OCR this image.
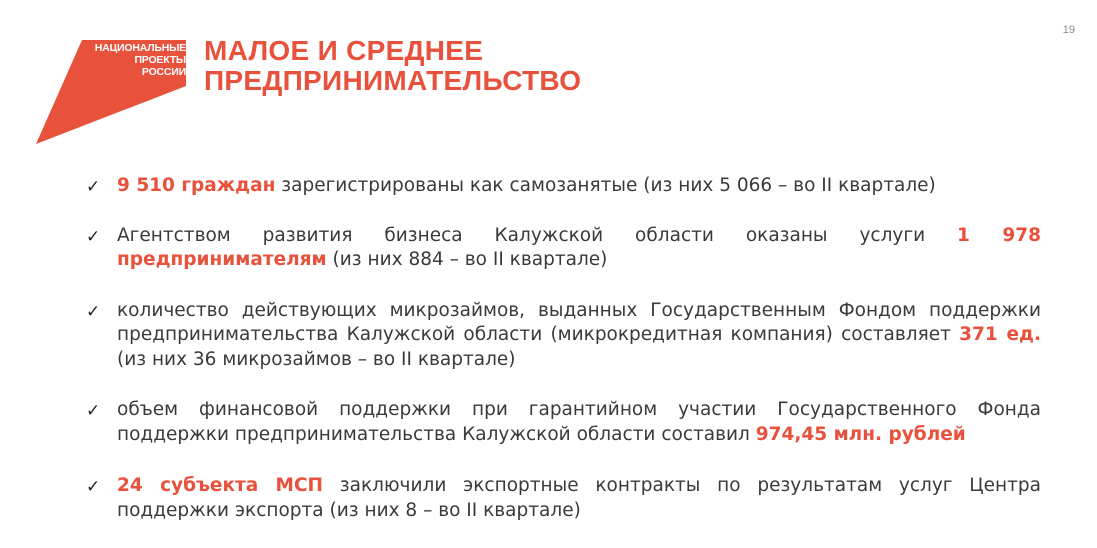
19
НАЦИОНАЛЬНЫЕ
ПРОЕКТЫ
РОССИИ
МАЛОЕ И СРЕДНЕЕ
ПРЕДПРИНИМАТЕЛЬСТВО
✓ 9 510 граждан зарегистрированы как самозанятые (из них 5 066 – во II квартале)
✓ Агентством развития бизнеса Калужской области оказаны услуги 1 978 предпринимателям (из них 884 – во II квартале)
✓ количество действующих микрозаймов, выданных Государственным Фондом поддержки предпринимательства Калужской области (микрокредитная компания) составляет 371 ед. (из них 36 микрозаймов – во II квартале)
✓ объем финансовой поддержки при гарантийном участии Государственного Фонда поддержки предпринимательства Калужской области составил 974,45 млн. рублей
✓ 24 субъекта МСП заключили экспортные контракты по результатам услуг Центра поддержки экспорта (из них 8 – во II квартале)
